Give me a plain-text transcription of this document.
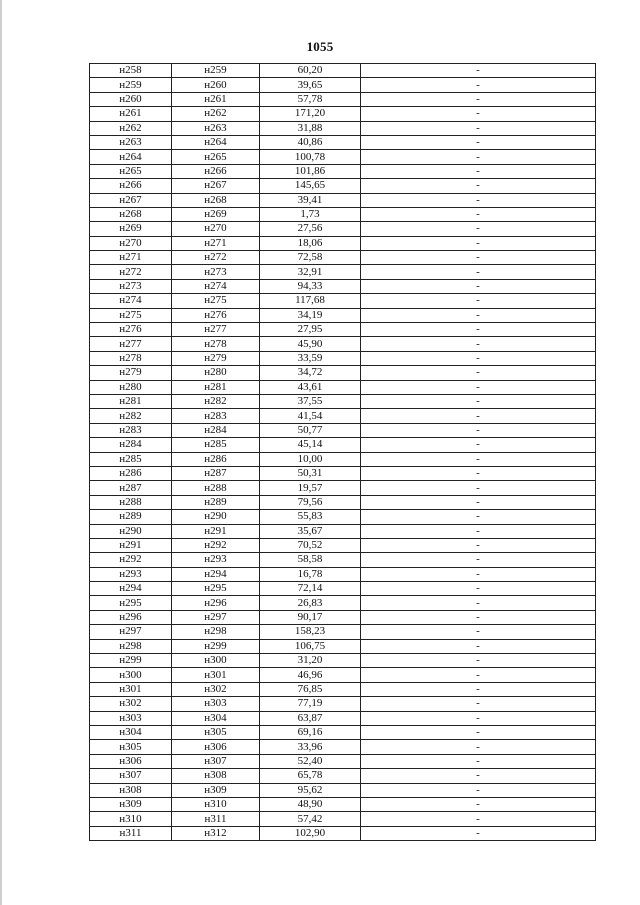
1055
н258	н259	60,20	-
н259	н260	39,65	-
н260	н261	57,78	-
н261	н262	171,20	-
н262	н263	31,88	-
н263	н264	40,86	-
н264	н265	100,78	-
н265	н266	101,86	-
н266	н267	145,65	-
н267	н268	39,41	-
н268	н269	1,73	-
н269	н270	27,56	-
н270	н271	18,06	-
н271	н272	72,58	-
н272	н273	32,91	-
н273	н274	94,33	-
н274	н275	117,68	-
н275	н276	34,19	-
н276	н277	27,95	-
н277	н278	45,90	-
н278	н279	33,59	-
н279	н280	34,72	-
н280	н281	43,61	-
н281	н282	37,55	-
н282	н283	41,54	-
н283	н284	50,77	-
н284	н285	45,14	-
н285	н286	10,00	-
н286	н287	50,31	-
н287	н288	19,57	-
н288	н289	79,56	-
н289	н290	55,83	-
н290	н291	35,67	-
н291	н292	70,52	-
н292	н293	58,58	-
н293	н294	16,78	-
н294	н295	72,14	-
н295	н296	26,83	-
н296	н297	90,17	-
н297	н298	158,23	-
н298	н299	106,75	-
н299	н300	31,20	-
н300	н301	46,96	-
н301	н302	76,85	-
н302	н303	77,19	-
н303	н304	63,87	-
н304	н305	69,16	-
н305	н306	33,96	-
н306	н307	52,40	-
н307	н308	65,78	-
н308	н309	95,62	-
н309	н310	48,90	-
н310	н311	57,42	-
н311	н312	102,90	-
